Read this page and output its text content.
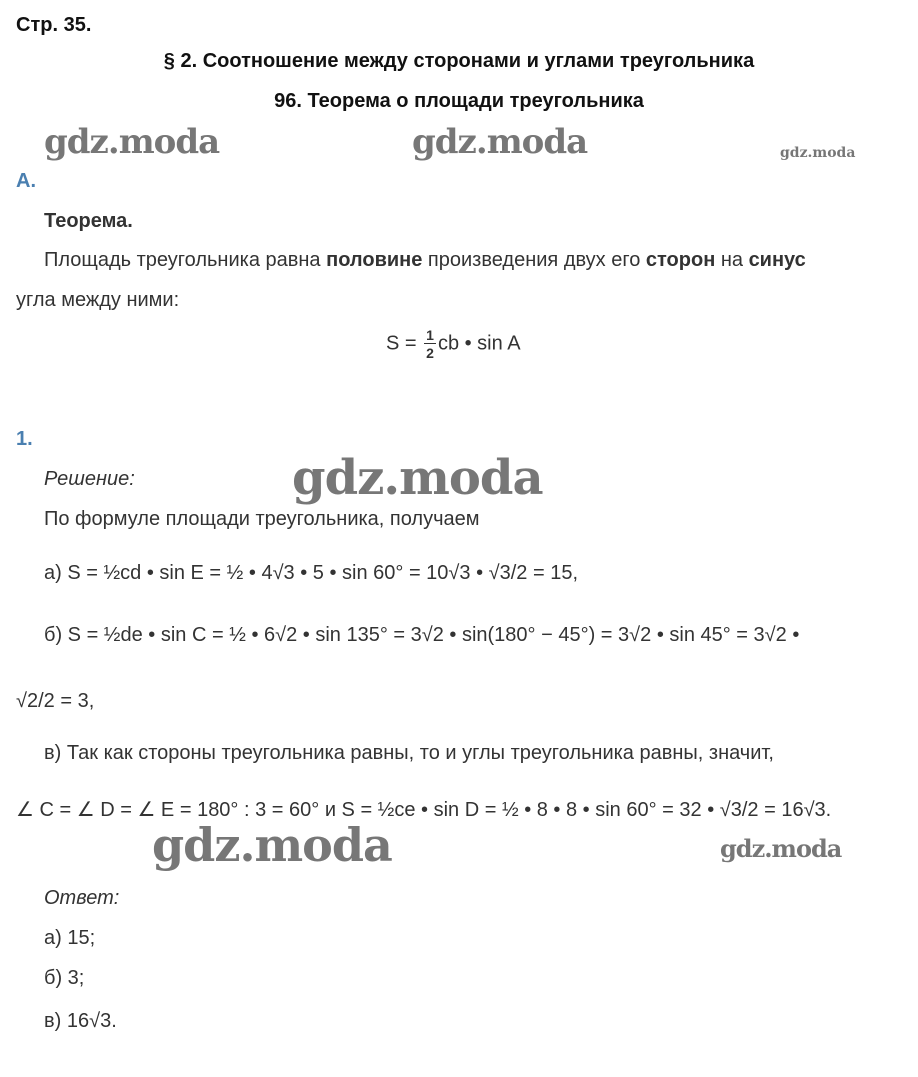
Стр. 35.
§ 2. Соотношение между сторонами и углами треугольника
96. Теорема о площади треугольника
gdz.moda	gdz.moda	gdz.moda
gdz.moda
gdz.moda	gdz.moda
А.
Теорема.
Площадь треугольника равна половине произведения двух его сторон на синус
угла между ними:
$S = \frac{1}{2}$ cb • sin A
1.
Решение:
По формуле площади треугольника, получаем
а) S = ½cd • sin E = ½ • 4√3 • 5 • sin 60° = 10√3 • √3/2 = 15,
б) S = ½de • sin C = ½ • 6√2 • sin 135° = 3√2 • sin(180° − 45°) = 3√2 • sin 45° = 3√2 •
√2/2 = 3,
в) Так как стороны треугольника равны, то и углы треугольника равны, значит,
∠ C = ∠ D = ∠ E = 180° : 3 = 60° и S = ½ce • sin D = ½ • 8 • 8 • sin 60° = 32 • √3/2 = 16√3.
Ответ:
а) 15;
б) 3;
в) 16√3.
